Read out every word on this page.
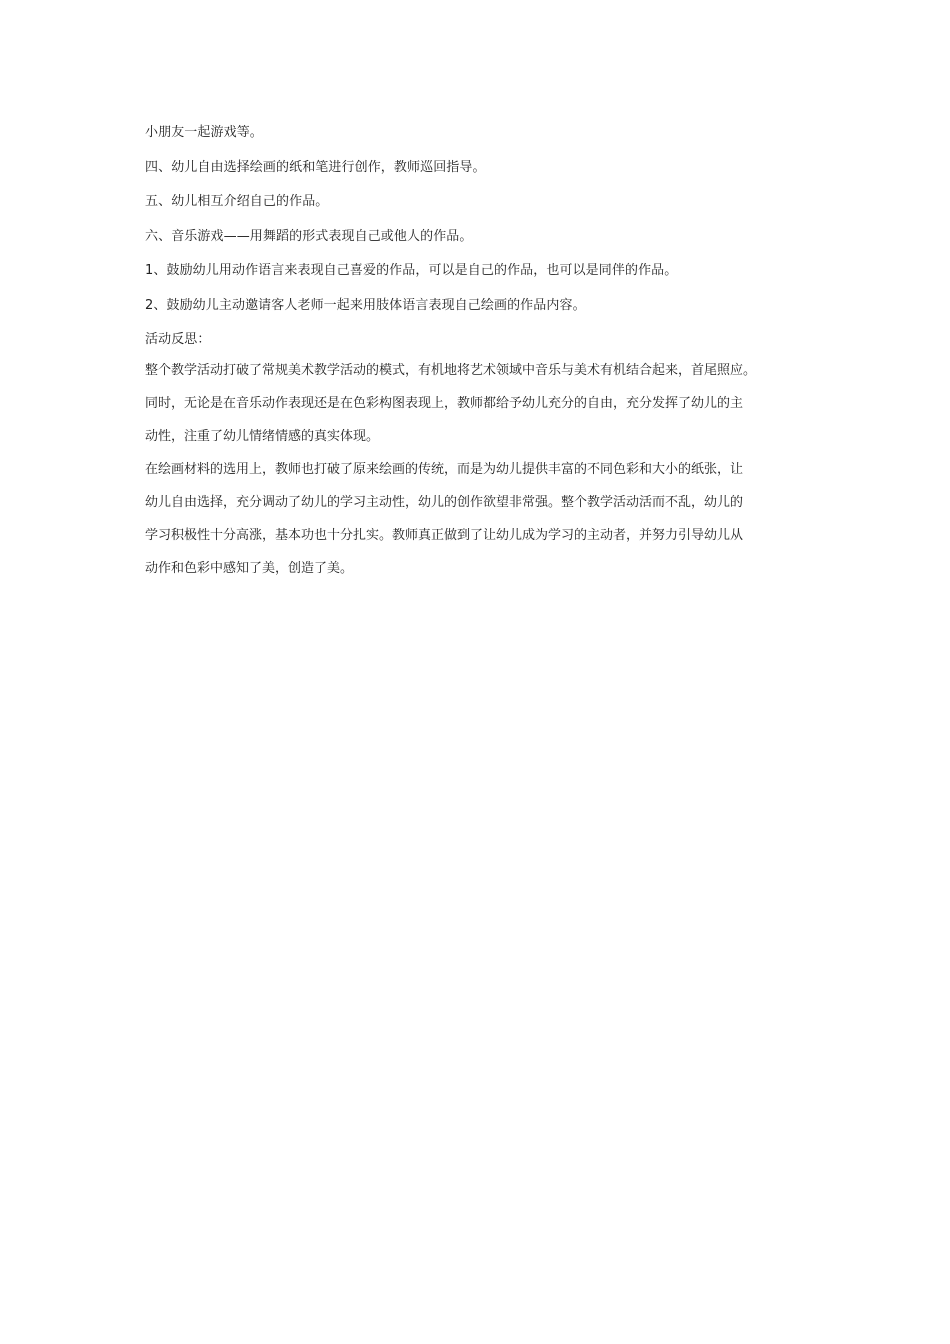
小朋友一起游戏等。
四、幼儿自由选择绘画的纸和笔进行创作，教师巡回指导。
五、幼儿相互介绍自己的作品。
六、音乐游戏——用舞蹈的形式表现自己或他人的作品。
1、鼓励幼儿用动作语言来表现自己喜爱的作品，可以是自己的作品，也可以是同伴的作品。
2、鼓励幼儿主动邀请客人老师一起来用肢体语言表现自己绘画的作品内容。
活动反思：
整个教学活动打破了常规美术教学活动的模式，有机地将艺术领域中音乐与美术有机结合起来，首尾照应。
同时，无论是在音乐动作表现还是在色彩构图表现上，教师都给予幼儿充分的自由，充分发挥了幼儿的主
动性，注重了幼儿情绪情感的真实体现。
在绘画材料的选用上，教师也打破了原来绘画的传统，而是为幼儿提供丰富的不同色彩和大小的纸张，让
幼儿自由选择，充分调动了幼儿的学习主动性，幼儿的创作欲望非常强。整个教学活动活而不乱，幼儿的
学习积极性十分高涨，基本功也十分扎实。教师真正做到了让幼儿成为学习的主动者，并努力引导幼儿从
动作和色彩中感知了美，创造了美。
